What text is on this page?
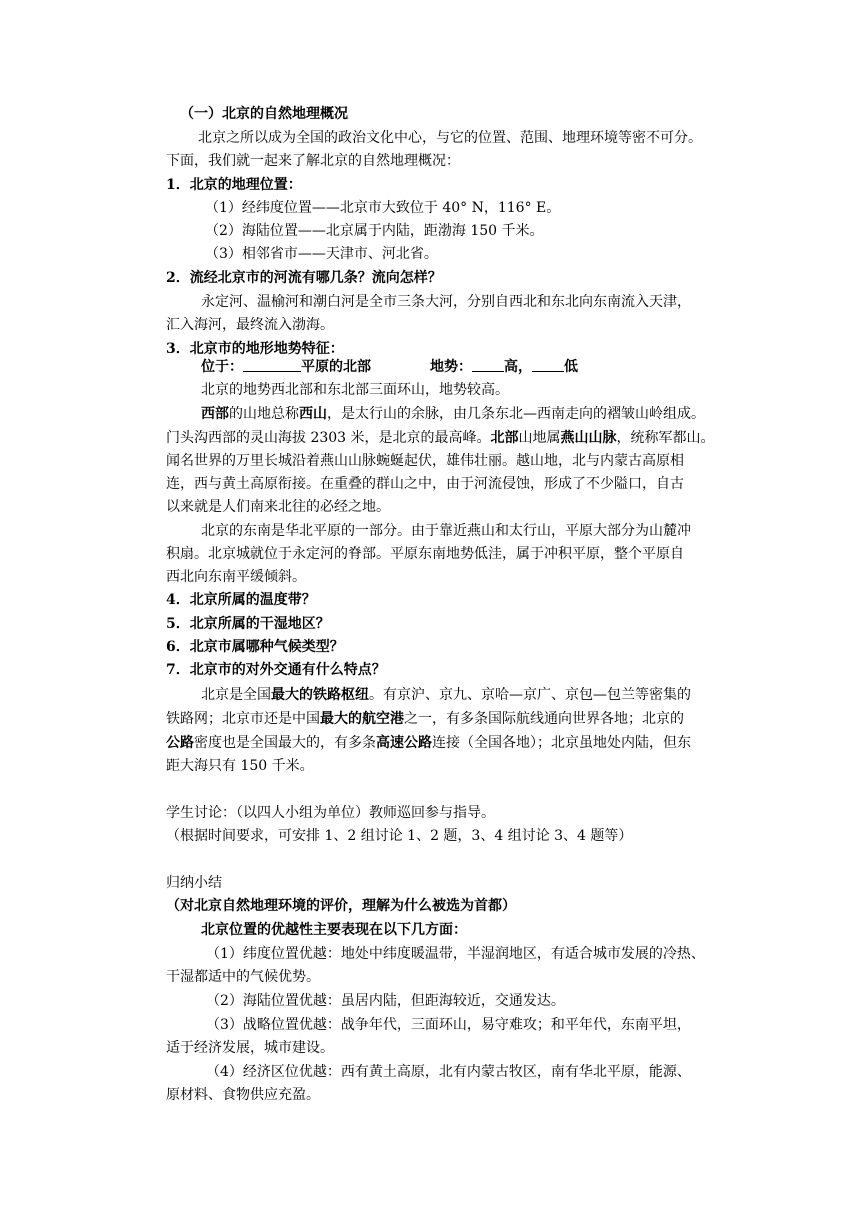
（一）北京的自然地理概况
北京之所以成为全国的政治文化中心，与它的位置、范围、地理环境等密不可分。
下面，我们就一起来了解北京的自然地理概况：
1．北京的地理位置：
（1）经纬度位置——北京市大致位于 40° N，116° E。
（2）海陆位置——北京属于内陆，距渤海 150 千米。
（3）相邻省市——天津市、河北省。
2．流经北京市的河流有哪几条？流向怎样？
永定河、温榆河和潮白河是全市三条大河，分别自西北和东北向东南流入天津，
汇入海河，最终流入渤海。
3．北京市的地形地势特征：
位于：	平原的北部	地势： 高， 低
北京的地势西北部和东北部三面环山，地势较高。
西部的山地总称西山，是太行山的余脉，由几条东北—西南走向的褶皱山岭组成。
门头沟西部的灵山海拔 2303 米，是北京的最高峰。北部山地属燕山山脉，统称军都山。
闻名世界的万里长城沿着燕山山脉蜿蜒起伏，雄伟壮丽。越山地，北与内蒙古高原相
连，西与黄土高原衔接。在重叠的群山之中，由于河流侵蚀，形成了不少隘口，自古
以来就是人们南来北往的必经之地。
北京的东南是华北平原的一部分。由于靠近燕山和太行山，平原大部分为山麓冲
积扇。北京城就位于永定河的脊部。平原东南地势低洼，属于冲积平原，整个平原自
西北向东南平缓倾斜。
4．北京所属的温度带？
5．北京所属的干湿地区？
6．北京市属哪种气候类型？
7．北京市的对外交通有什么特点？
北京是全国最大的铁路枢纽。有京沪、京九、京哈—京广、京包—包兰等密集的
铁路网；北京市还是中国最大的航空港之一，有多条国际航线通向世界各地；北京的
公路密度也是全国最大的，有多条高速公路连接（全国各地）；北京虽地处内陆，但东
距大海只有 150 千米。
学生讨论：（以四人小组为单位）教师巡回参与指导。
（根据时间要求，可安排 1、2 组讨论 1、2 题，3、4 组讨论 3、4 题等）
归纳小结
（对北京自然地理环境的评价，理解为什么被选为首都）
北京位置的优越性主要表现在以下几方面：
（1）纬度位置优越：地处中纬度暖温带，半湿润地区，有适合城市发展的冷热、
干湿都适中的气候优势。
（2）海陆位置优越：虽居内陆，但距海较近，交通发达。
（3）战略位置优越：战争年代，三面环山，易守难攻；和平年代，东南平坦，
适于经济发展，城市建设。
（4）经济区位优越：西有黄土高原，北有内蒙古牧区，南有华北平原，能源、
原材料、食物供应充盈。
